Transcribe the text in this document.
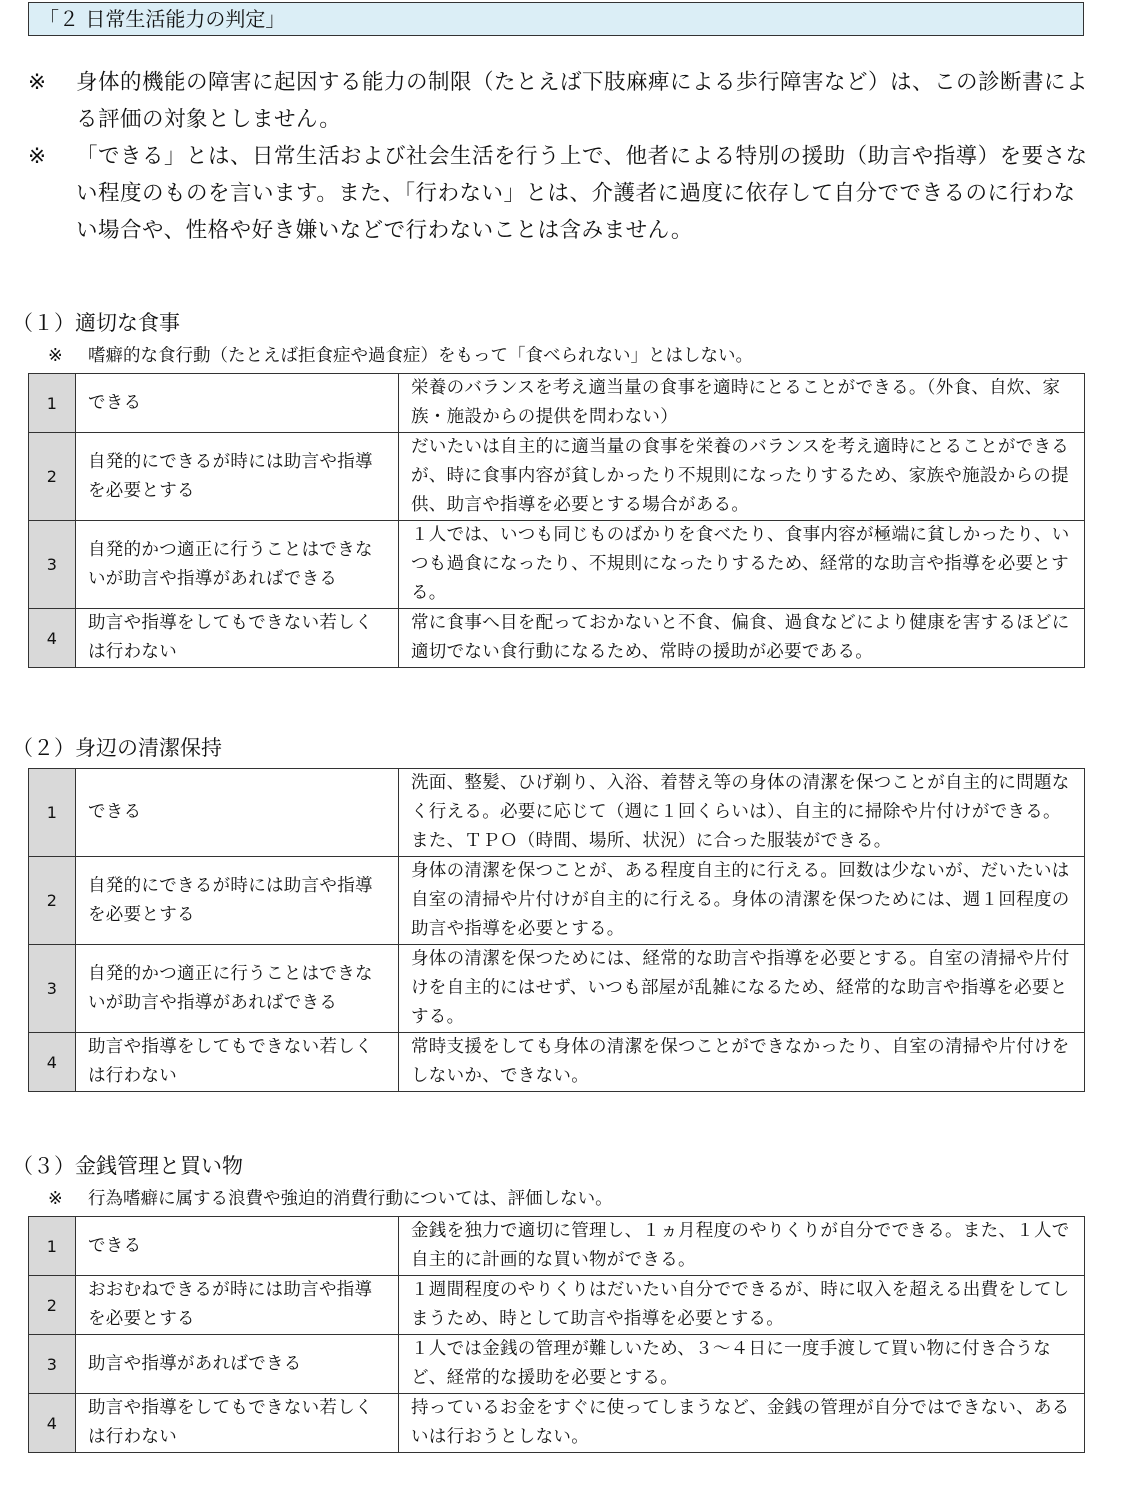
「２ 日常生活能力の判定」
※	身体的機能の障害に起因する能力の制限（たとえば下肢麻痺による歩行障害など）は、この診断書による評価の対象としません。
※	「できる」とは、日常生活および社会生活を行う上で、他者による特別の援助（助言や指導）を要さない程度のものを言います。また、「行わない」とは、介護者に過度に依存して自分でできるのに行わない場合や、性格や好き嫌いなどで行わないことは含みません。
（１）適切な食事
※ 嗜癖的な食行動（たとえば拒食症や過食症）をもって「食べられない」とはしない。
1	できる	栄養のバランスを考え適当量の食事を適時にとることができる。（外食、自炊、家族・施設からの提供を問わない）
2	自発的にできるが時には助言や指導を必要とする	だいたいは自主的に適当量の食事を栄養のバランスを考え適時にとることができるが、時に食事内容が貧しかったり不規則になったりするため、家族や施設からの提供、助言や指導を必要とする場合がある。
3	自発的かつ適正に行うことはできないが助言や指導があればできる	１人では、いつも同じものばかりを食べたり、食事内容が極端に貧しかったり、いつも過食になったり、不規則になったりするため、経常的な助言や指導を必要とする。
4	助言や指導をしてもできない若しくは行わない	常に食事へ目を配っておかないと不食、偏食、過食などにより健康を害するほどに適切でない食行動になるため、常時の援助が必要である。
（２）身辺の清潔保持
1	できる	洗面、整髪、ひげ剃り、入浴、着替え等の身体の清潔を保つことが自主的に問題なく行える。必要に応じて（週に１回くらいは）、自主的に掃除や片付けができる。また、ＴＰＯ（時間、場所、状況）に合った服装ができる。
2	自発的にできるが時には助言や指導を必要とする	身体の清潔を保つことが、ある程度自主的に行える。回数は少ないが、だいたいは自室の清掃や片付けが自主的に行える。身体の清潔を保つためには、週１回程度の助言や指導を必要とする。
3	自発的かつ適正に行うことはできないが助言や指導があればできる	身体の清潔を保つためには、経常的な助言や指導を必要とする。自室の清掃や片付けを自主的にはせず、いつも部屋が乱雑になるため、経常的な助言や指導を必要とする。
4	助言や指導をしてもできない若しくは行わない	常時支援をしても身体の清潔を保つことができなかったり、自室の清掃や片付けをしないか、できない。
（３）金銭管理と買い物
※ 行為嗜癖に属する浪費や強迫的消費行動については、評価しない。
1	できる	金銭を独力で適切に管理し、１ヵ月程度のやりくりが自分でできる。また、１人で自主的に計画的な買い物ができる。
2	おおむねできるが時には助言や指導を必要とする	１週間程度のやりくりはだいたい自分でできるが、時に収入を超える出費をしてしまうため、時として助言や指導を必要とする。
3	助言や指導があればできる	１人では金銭の管理が難しいため、３～４日に一度手渡して買い物に付き合うなど、経常的な援助を必要とする。
4	助言や指導をしてもできない若しくは行わない	持っているお金をすぐに使ってしまうなど、金銭の管理が自分ではできない、あるいは行おうとしない。
